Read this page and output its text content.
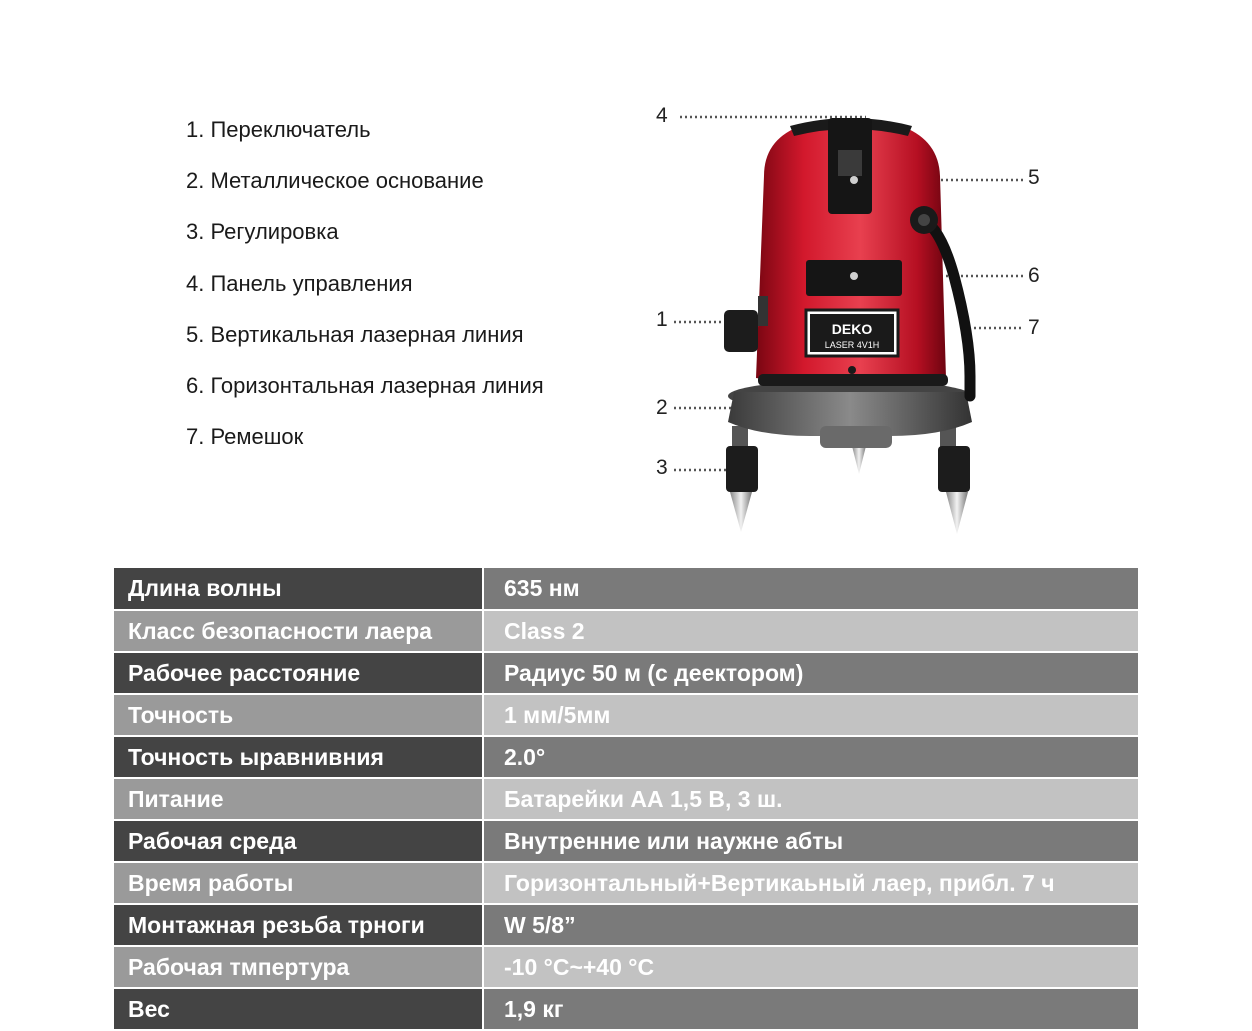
1. Переключатель
2. Металлическое основание
3. Регулировка
4. Панель управления
5. Вертикальная лазерная линия
6. Горизонтальная лазерная линия
7. Ремешок
DEKO
LASER 4V1H
4
5
6
7
1
2
3
Длина волны	635 нм
Класс безопасности лаера	Class 2
Рабочее расстояние	Радиус 50 м (с деектором)
Точность	1 мм/5мм
Точность ыравнивния	2.0°
Питание	Батарейки АА 1,5 В, 3 ш.
Рабочая среда	Внутренние или наужне абты
Время работы	Горизонтальный+Вертикаьный лаер, прибл. 7 ч
Монтажная резьба трноги	W 5/8”
Рабочая тмпертура	-10 °C~+40 °C
Вес	1,9 кг
